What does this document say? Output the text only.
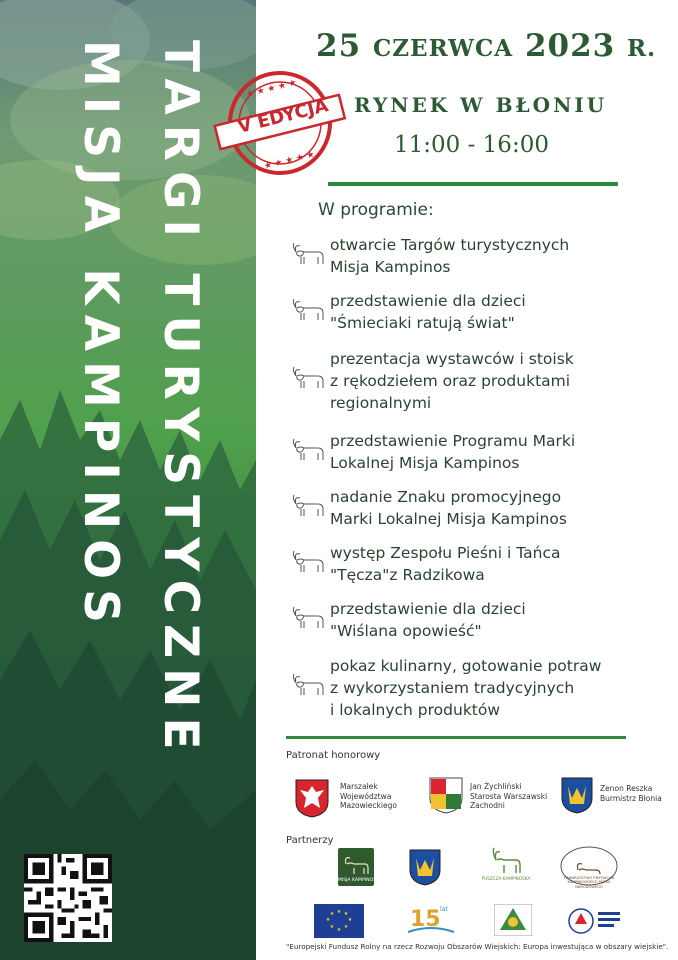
TARGI TURYSTYCZNE
MISJA KAMPINOS	★ ★ ★ ★ ★
★ ★ ★ ★ ★
V EDYCJA
25 CZERWCA 2023 R.
RYNEK W BŁONIU
11:00 - 16:00
W programie:
otwarcie Targów turystycznych
Misja Kampinos
przedstawienie dla dzieci
"Śmieciaki ratują świat"
prezentacja wystawców i stoisk
z rękodziełem oraz produktami
regionalnymi
przedstawienie Programu Marki
Lokalnej Misja Kampinos
nadanie Znaku promocyjnego
Marki Lokalnej Misja Kampinos
występ Zespołu Pieśni i Tańca
"Tęcza"z Radzikowa
przedstawienie dla dzieci
"Wiślana opowieść"
pokaz kulinarny, gotowanie potraw
z wykorzystaniem tradycyjnych
i lokalnych produktów
Patronat honorowy
Marszałek
Województwa
Mazowieckiego
Jan Żychliński
Starosta Warszawski
Zachodni
Zenon Reszka
Burmistrz Błonia
Partnerzy
MISJA KAMPINOS	PUSZCZA KAMPINOSKA	TOWARZYSTWO PRZYJACIÓŁ KAMPINOSKIEGO PARKU NARODOWEGO
★ ★
★
★
★
★
★
★	15 lat
"Europejski Fundusz Rolny na rzecz Rozwoju Obszarów Wiejskich: Europa inwestująca w obszary wiejskie".
